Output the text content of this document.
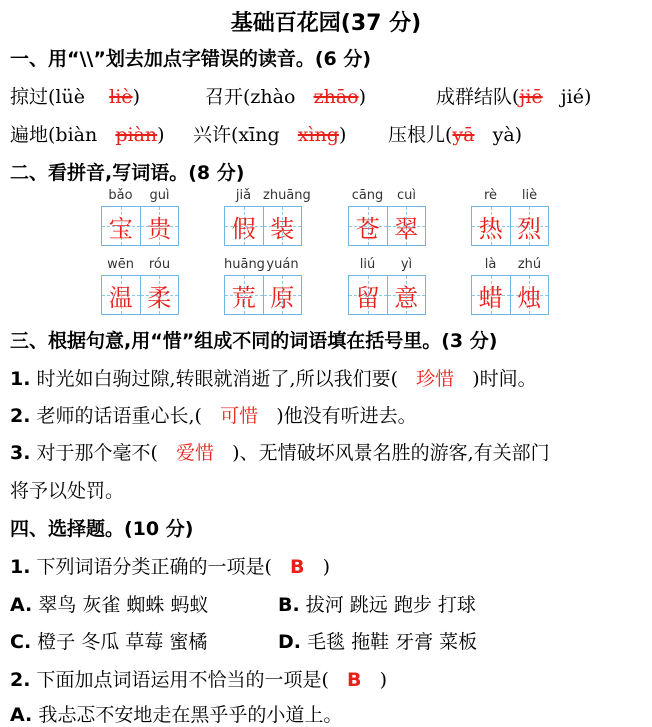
基础百花园(37 分)
一、用“\\”划去加点字错误的读音。(6 分)
掠过(lüè liè)	召开(zhào zhāo)	成群结队(jiē jié)
遍地(biàn piàn) 兴许(xīng xìng) 压根儿(yā yà)
二、看拼音,写词语。(8 分)
bǎo	guì
宝 贵
jiǎ zhuāng
假 装
cāng	cuì
苍 翠
rè	liè
热 烈
wēn	róu
温 柔
huāng yuán
荒 原
liú	yì
留 意
là	zhú
蜡 烛
三、根据句意,用“惜”组成不同的词语填在括号里。(3 分)
1. 时光如白驹过隙,转眼就消逝了,所以我们要( 珍惜 )时间。
2. 老师的话语重心长,( 可惜 )他没有听进去。
3. 对于那个毫不( 爱惜 )、无情破坏风景名胜的游客,有关部门
将予以处罚。
四、选择题。(10 分)
1. 下列词语分类正确的一项是( B )
A. 翠鸟 灰雀 蜘蛛 蚂蚁	B. 拔河 跳远 跑步 打球
C. 橙子 冬瓜 草莓 蜜橘	D. 毛毯 拖鞋 牙膏 菜板
2. 下面加点词语运用不恰当的一项是( B )
A. 我忐忑不安地走在黑乎乎的小道上。
